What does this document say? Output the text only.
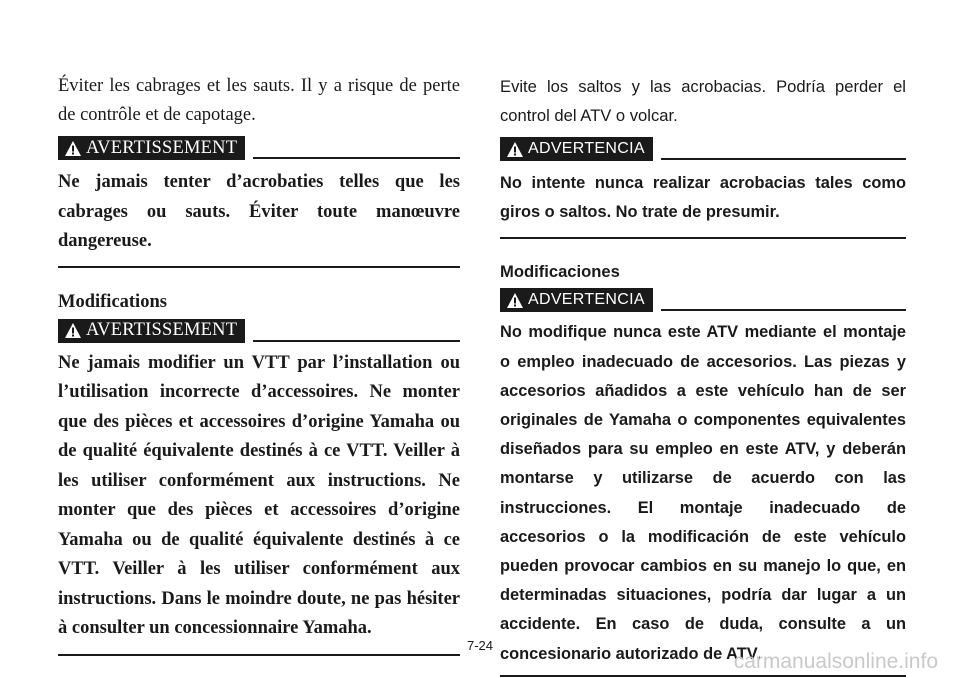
Éviter les cabrages et les sauts. Il y a risque de perte de contrôle et de capotage.

AVERTISSEMENT

Ne jamais tenter d’acrobaties telles que les cabrages ou sauts. Éviter toute manœuvre dangereuse.

Modifications

AVERTISSEMENT

Ne jamais modifier un VTT par l’installation ou l’utilisation incorrecte d’accessoires. Ne monter que des pièces et accessoires d’origine Yamaha ou de qualité équivalente destinés à ce VTT. Veiller à les utiliser conformément aux instructions. Ne monter que des pièces et accessoires d’origine Yamaha ou de qualité équivalente destinés à ce VTT. Veiller à les utiliser conformément aux instructions. Dans le moindre doute, ne pas hésiter à consulter un concessionnaire Yamaha.

Evite los saltos y las acrobacias. Podría perder el control del ATV o volcar.

ADVERTENCIA

No intente nunca realizar acrobacias tales como giros o saltos. No trate de presumir.

Modificaciones

ADVERTENCIA

No modifique nunca este ATV mediante el montaje o empleo inadecuado de accesorios. Las piezas y accesorios añadidos a este vehículo han de ser originales de Yamaha o componentes equivalentes diseñados para su empleo en este ATV, y deberán montarse y utilizarse de acuerdo con las instrucciones. El montaje inadecuado de accesorios o la modificación de este vehículo pueden provocar cambios en su manejo lo que, en determinadas situaciones, podría dar lugar a un accidente. En caso de duda, consulte a un concesionario autorizado de ATV.

7-24
carmanualsonline.info
